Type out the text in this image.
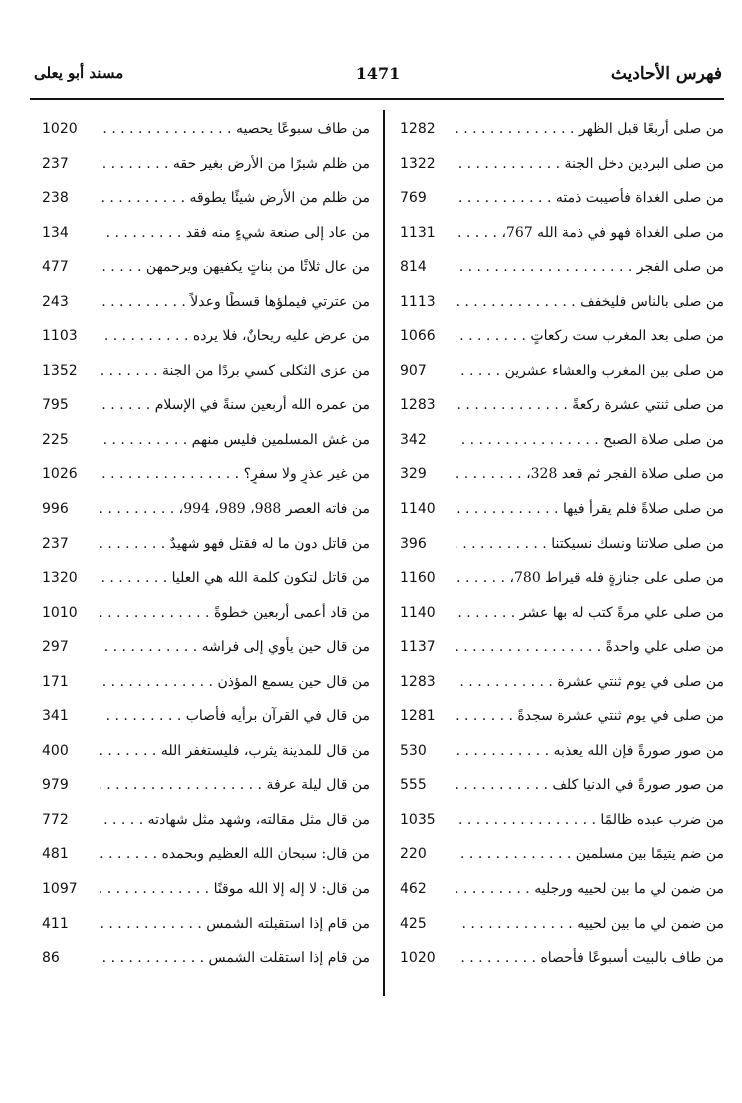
فهرس الأحاديث
1471
مسند أبو يعلى
من صلى أربعًا قبل الظهر . . .
1282
من صلى البردين دخل الجنة . . .
1322
من صلى الغداة فأصيبت ذمته . . .
769
من صلى الغداة فهو في ذمة الله 767، . . .
1131
من صلى الفجر . . .
814
من صلى بالناس فليخفف . . .
1113
من صلى بعد المغرب ست ركعاتٍ . . .
1066
من صلى بين المغرب والعشاء عشرين . . .
907
من صلى ثنتي عشرة ركعةً . . .
1283
من صلى صلاة الصبح . . .
342
من صلى صلاة الفجر ثم قعد 328، . . .
329
من صلى صلاةً فلم يقرأ فيها . . .
1140
من صلى صلاتنا ونسك نسيكتنا . . .
396
من صلى على جنازةٍ فله قيراط 780، . . .
1160
من صلى علي مرةً كتب له بها عشر . . .
1140
من صلى علي واحدةً . . .
1137
من صلى في يوم ثنتي عشرة . . .
1283
من صلى في يوم ثنتي عشرة سجدةً . . .
1281
من صور صورةً فإن الله يعذبه . . .
530
من صور صورةً في الدنيا كلف . . .
555
من ضرب عبده ظالمًا . . .
1035
من ضم يتيمًا بين مسلمين . . .
220
من ضمن لي ما بين لحييه ورجليه . . .
462
من ضمن لي ما بين لحييه . . .
425
من طاف بالبيت أسبوعًا فأحصاه . . .
1020
من طاف سبوعًا يحصيه . . .
1020
من ظلم شبرًا من الأرض بغير حقه . . .
237
من ظلم من الأرض شيئًا يطوقه . . .
238
من عاد إلى صنعة شيءٍ منه فقد . . .
134
من عال ثلاثًا من بناتٍ يكفيهن ويرحمهن . . .
477
من عترتي فيملؤها قسطًا وعدلاً . . .
243
من عرض عليه ريحانٌ، فلا يرده . . .
1103
من عزى الثكلى كسي بردًا من الجنة . . .
1352
من عمره الله أربعين سنةً في الإسلام . . .
795
من غش المسلمين فليس منهم . . .
225
من غير عذرٍ ولا سفرٍ؟ . . .
1026
من فاته العصر 988، 989، 994، . . .
996
من قاتل دون ما له فقتل فهو شهيدٌ . . .
237
من قاتل لتكون كلمة الله هي العليا . . .
1320
من قاد أعمى أربعين خطوةً . . .
1010
من قال حين يأوي إلى فراشه . . .
297
من قال حين يسمع المؤذن . . .
171
من قال في القرآن برأيه فأصاب . . .
341
من قال للمدينة يثرب، فليستغفر الله . . .
400
من قال ليلة عرفة . . .
979
من قال مثل مقالته، وشهد مثل شهادته . . .
772
من قال: سبحان الله العظيم وبحمده . . .
481
من قال: لا إله إلا الله موقنًا . . .
1097
من قام إذا استقبلته الشمس . . .
411
من قام إذا استقلت الشمس . . .
86
